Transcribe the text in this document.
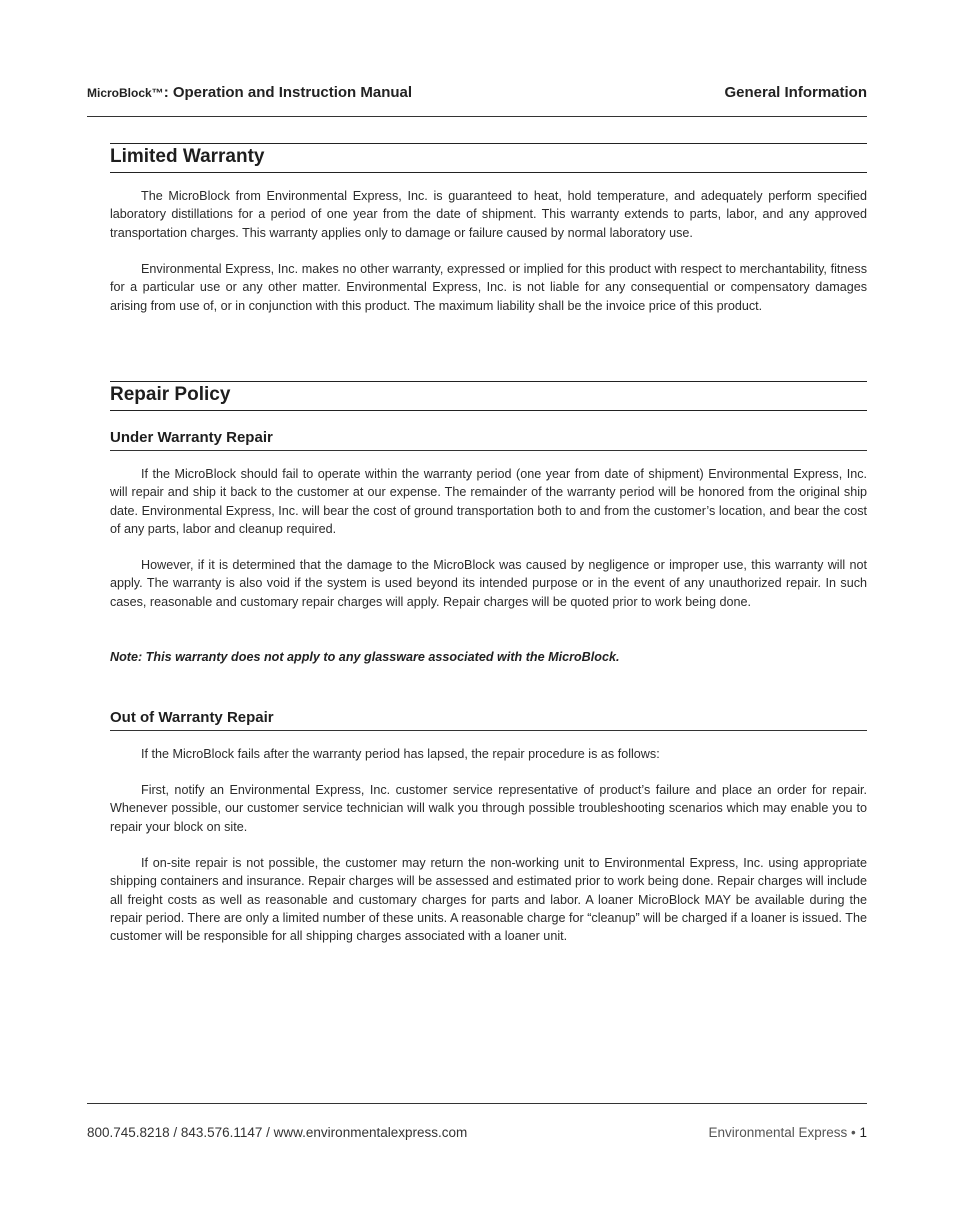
MicroBlock™: Operation and Instruction Manual	General Information
Limited Warranty

The MicroBlock from Environmental Express, Inc. is guaranteed to heat, hold temperature, and adequately perform specified laboratory distillations for a period of one year from the date of shipment. This warranty extends to parts, labor, and any approved transportation charges. This warranty applies only to damage or failure caused by normal laboratory use.

Environmental Express, Inc. makes no other warranty, expressed or implied for this product with respect to merchantability, fitness for a particular use or any other matter. Environmental Express, Inc. is not liable for any consequential or compensatory damages arising from use of, or in conjunction with this product. The maximum liability shall be the invoice price of this product.

Repair Policy
Under Warranty Repair

If the MicroBlock should fail to operate within the warranty period (one year from date of shipment) Environmental Express, Inc. will repair and ship it back to the customer at our expense. The remainder of the warranty period will be honored from the original ship date. Environmental Express, Inc. will bear the cost of ground transportation both to and from the customer’s location, and bear the cost of any parts, labor and cleanup required.

However, if it is determined that the damage to the MicroBlock was caused by negligence or improper use, this warranty will not apply. The warranty is also void if the system is used beyond its intended purpose or in the event of any unauthorized repair. In such cases, reasonable and customary repair charges will apply. Repair charges will be quoted prior to work being done.

Note: This warranty does not apply to any glassware associated with the MicroBlock.

Out of Warranty Repair

If the MicroBlock fails after the warranty period has lapsed, the repair procedure is as follows:

First, notify an Environmental Express, Inc. customer service representative of product’s failure and place an order for repair. Whenever possible, our customer service technician will walk you through possible troubleshooting scenarios which may enable you to repair your block on site.

If on-site repair is not possible, the customer may return the non-working unit to Environmental Express, Inc. using appropriate shipping containers and insurance. Repair charges will be assessed and estimated prior to work being done. Repair charges will include all freight costs as well as reasonable and customary charges for parts and labor. A loaner MicroBlock MAY be available during the repair period. There are only a limited number of these units. A reasonable charge for “cleanup” will be charged if a loaner is issued. The customer will be responsible for all shipping charges associated with a loaner unit.

800.745.8218 / 843.576.1147 / www.environmentalexpress.com	Environmental Express • 1
